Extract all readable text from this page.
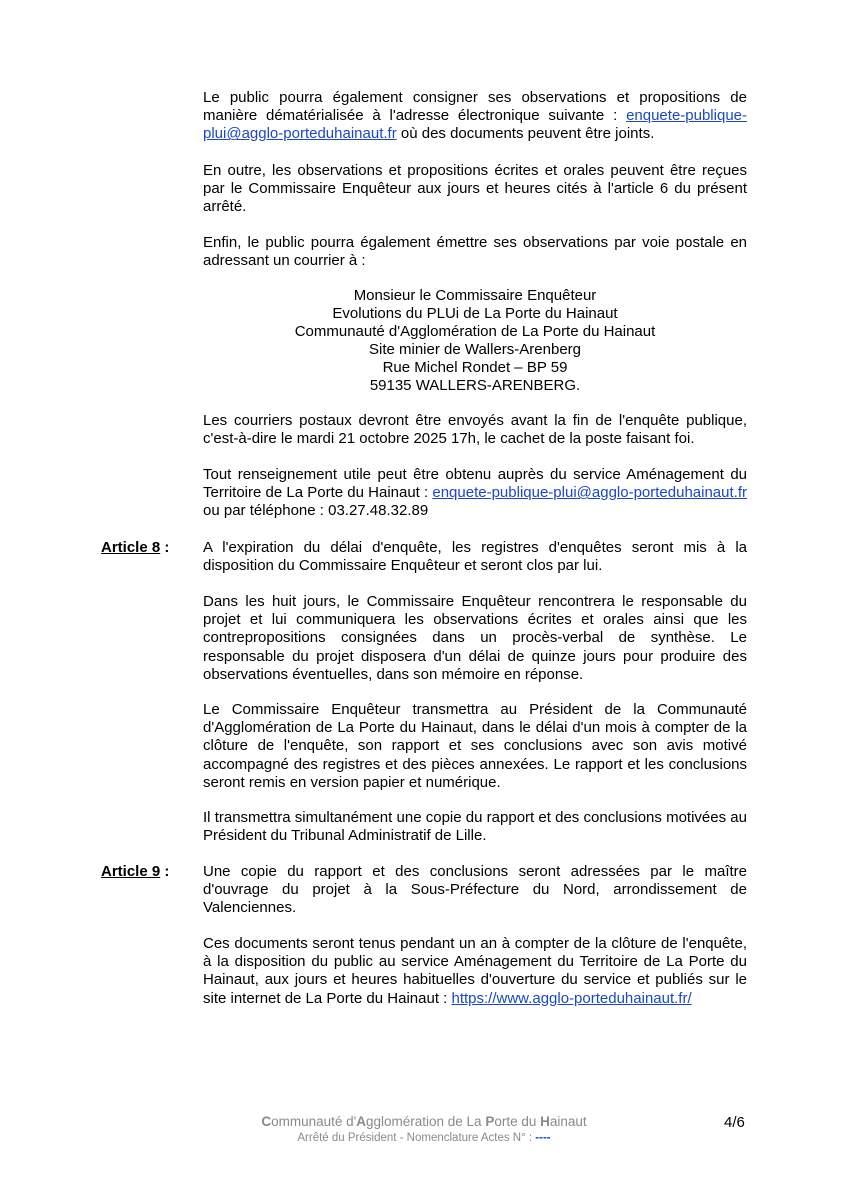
Le public pourra également consigner ses observations et propositions de manière dématérialisée à l'adresse électronique suivante : enquete-publique-plui@agglo-porteduhainaut.fr où des documents peuvent être joints.

En outre, les observations et propositions écrites et orales peuvent être reçues par le Commissaire Enquêteur aux jours et heures cités à l'article 6 du présent arrêté.

Enfin, le public pourra également émettre ses observations par voie postale en adressant un courrier à :

Monsieur le Commissaire Enquêteur

Evolutions du PLUi de La Porte du Hainaut

Communauté d'Agglomération de La Porte du Hainaut

Site minier de Wallers-Arenberg

Rue Michel Rondet – BP 59

59135 WALLERS-ARENBERG.

Les courriers postaux devront être envoyés avant la fin de l'enquête publique, c'est-à-dire le mardi 21 octobre 2025 17h, le cachet de la poste faisant foi.

Tout renseignement utile peut être obtenu auprès du service Aménagement du Territoire de La Porte du Hainaut : enquete-publique-plui@agglo-porteduhainaut.fr ou par téléphone : 03.27.48.32.89

Article 8 : A l'expiration du délai d'enquête, les registres d'enquêtes seront mis à la disposition du Commissaire Enquêteur et seront clos par lui.

Dans les huit jours, le Commissaire Enquêteur rencontrera le responsable du projet et lui communiquera les observations écrites et orales ainsi que les contrepropositions consignées dans un procès-verbal de synthèse. Le responsable du projet disposera d'un délai de quinze jours pour produire des observations éventuelles, dans son mémoire en réponse.

Le Commissaire Enquêteur transmettra au Président de la Communauté d'Agglomération de La Porte du Hainaut, dans le délai d'un mois à compter de la clôture de l'enquête, son rapport et ses conclusions avec son avis motivé accompagné des registres et des pièces annexées. Le rapport et les conclusions seront remis en version papier et numérique.

Il transmettra simultanément une copie du rapport et des conclusions motivées au Président du Tribunal Administratif de Lille.

Article 9 : Une copie du rapport et des conclusions seront adressées par le maître d'ouvrage du projet à la Sous-Préfecture du Nord, arrondissement de Valenciennes.

Ces documents seront tenus pendant un an à compter de la clôture de l'enquête, à la disposition du public au service Aménagement du Territoire de La Porte du Hainaut, aux jours et heures habituelles d'ouverture du service et publiés sur le site internet de La Porte du Hainaut : https://www.agglo-porteduhainaut.fr/

Communauté d'Agglomération de La Porte du Hainaut
Arrêté du Président - Nomenclature Actes N° : ----
4/6
